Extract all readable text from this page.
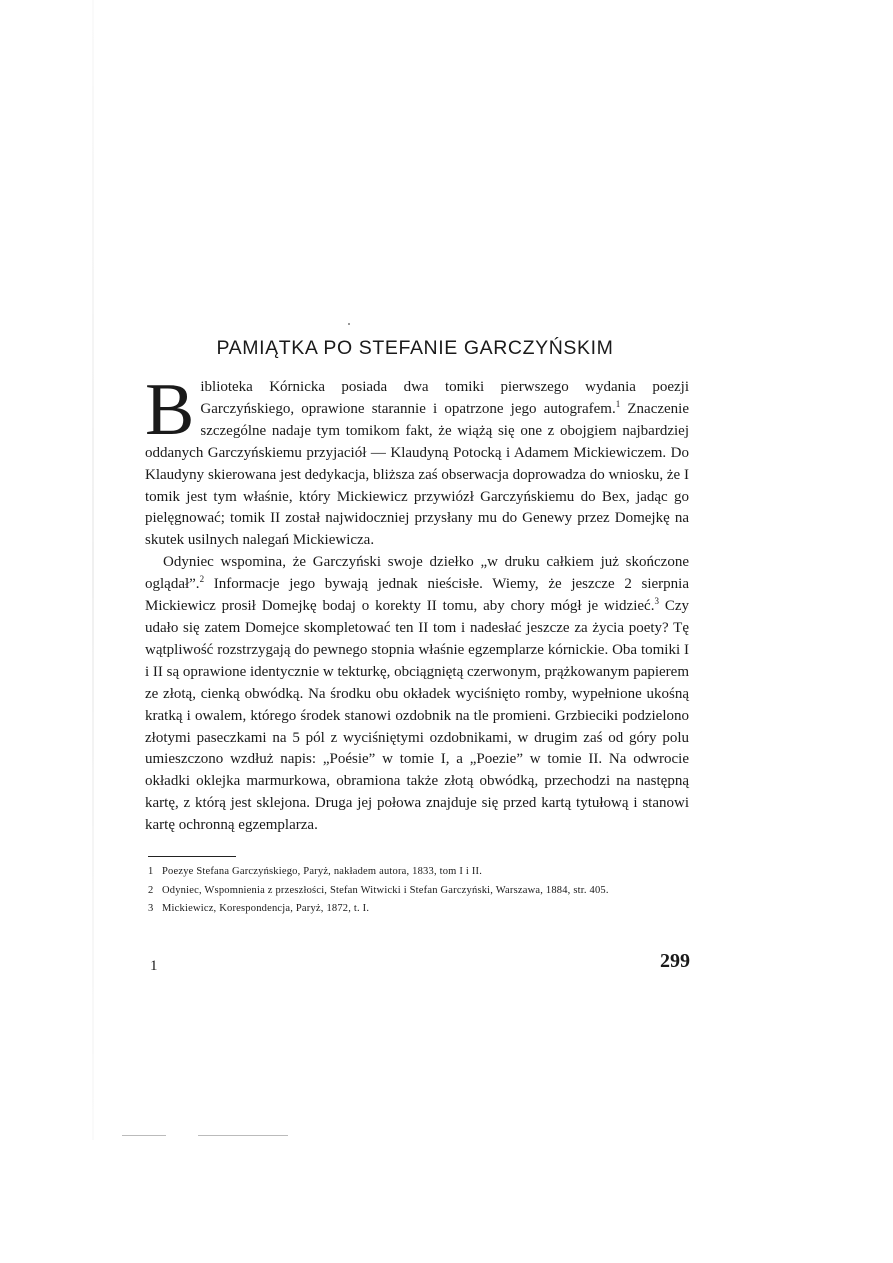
PAMIĄTKA PO STEFANIE GARCZYŃSKIM

Biblioteka Kórnicka posiada dwa tomiki pierwszego wydania poezji Garczyńskiego, oprawione starannie i opatrzone jego autografem.$^1$ Znaczenie szczególne nadaje tym tomikom fakt, że wiążą się one z obojgiem najbardziej oddanych Garczyńskiemu przyjaciół — Klaudyną Potocką i Adamem Mickiewiczem. Do Klaudyny skierowana jest dedykacja, bliższa zaś obserwacja doprowadza do wniosku, że I tomik jest tym właśnie, który Mickiewicz przywiózł Garczyńskiemu do Bex, jadąc go pielęgnować; tomik II został najwidoczniej przysłany mu do Genewy przez Domejkę na skutek usilnych nalegań Mickiewicza.

Odyniec wspomina, że Garczyński swoje dziełko „w druku całkiem już skończone oglądał”.$^2$ Informacje jego bywają jednak nieścisłe. Wiemy, że jeszcze 2 sierpnia Mickiewicz prosił Domejkę bodaj o korekty II tomu, aby chory mógł je widzieć.$^3$ Czy udało się zatem Domejce skompletować ten II tom i nadesłać jeszcze za życia poety? Tę wątpliwość rozstrzygają do pewnego stopnia właśnie egzemplarze kórnickie. Oba tomiki I i II są oprawione identycznie w tekturkę, obciągniętą czerwonym, prążkowanym papierem ze złotą, cienką obwódką. Na środku obu okładek wyciśnięto romby, wypełnione ukośną kratką i owalem, którego środek stanowi ozdobnik na tle promieni. Grzbieciki podzielono złotymi paseczkami na 5 pól z wyciśniętymi ozdobnikami, w drugim zaś od góry polu umieszczono wzdłuż napis: „Poésie” w tomie I, a „Poezie” w tomie II. Na odwrocie okładki oklejka marmurkowa, obramiona także złotą obwódką, przechodzi na następną kartę, z którą jest sklejona. Druga jej połowa znajduje się przed kartą tytułową i stanowi kartę ochronną egzemplarza.

1 Poezye Stefana Garczyńskiego, Paryż, nakładem autora, 1833, tom I i II.

2 Odyniec, Wspomnienia z przeszłości, Stefan Witwicki i Stefan Garczyński, Warszawa, 1884, str. 405.

3 Mickiewicz, Korespondencja, Paryż, 1872, t. I.

1	299
